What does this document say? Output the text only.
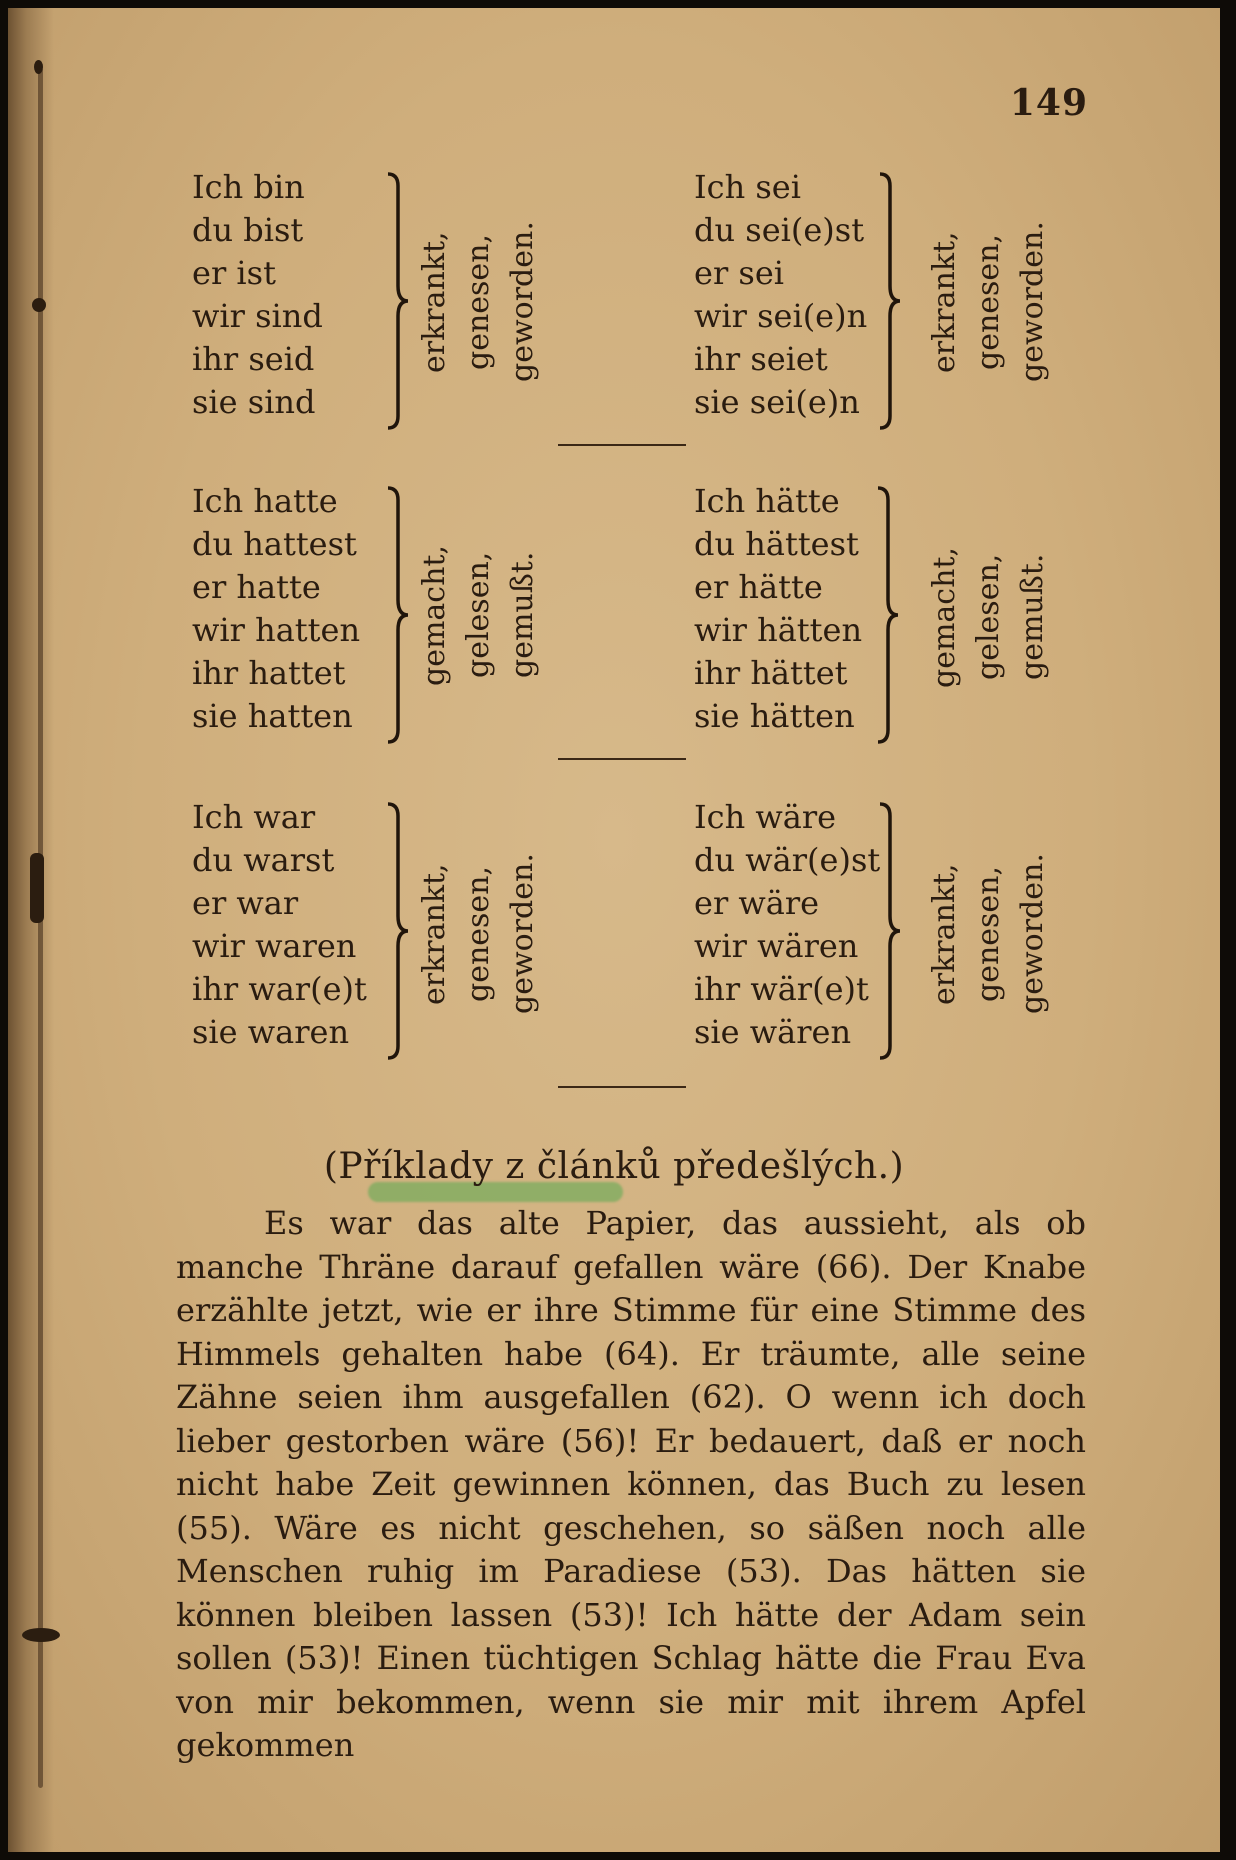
149
Ich bin
du bist
er ist
wir sind
ihr seid
sie sind
erkrankt, genesen, geworden.
Ich sei
du sei(e)st
er sei
wir sei(e)n
ihr seiet
sie sei(e)n
erkrankt, genesen, geworden.
Ich hatte
du hattest
er hatte
wir hatten
ihr hattet
sie hatten
gemacht, gelesen, gemußt.
Ich hätte
du hättest
er hätte
wir hätten
ihr hättet
sie hätten
gemacht, gelesen, gemußt.
Ich war
du warst
er war
wir waren
ihr war(e)t
sie waren
erkrankt, genesen, geworden.
Ich wäre
du wär(e)st
er wäre
wir wären
ihr wär(e)t
sie wären
erkrankt, genesen, geworden.
(Příklady z článků předešlých.)

Es war das alte Papier, das aussieht, als ob manche Thräne darauf gefallen wäre (66). Der Knabe erzählte jetzt, wie er ihre Stimme für eine Stimme des Himmels gehalten habe (64). Er träumte, alle seine Zähne seien ihm ausgefallen (62). O wenn ich doch lieber gestorben wäre (56)! Er bedauert, daß er noch nicht habe Zeit gewinnen können, das Buch zu lesen (55). Wäre es nicht geschehen, so säßen noch alle Menschen ruhig im Paradiese (53). Das hätten sie können bleiben lassen (53)! Ich hätte der Adam sein sollen (53)! Einen tüchtigen Schlag hätte die Frau Eva von mir bekommen, wenn sie mir mit ihrem Apfel gekommen
